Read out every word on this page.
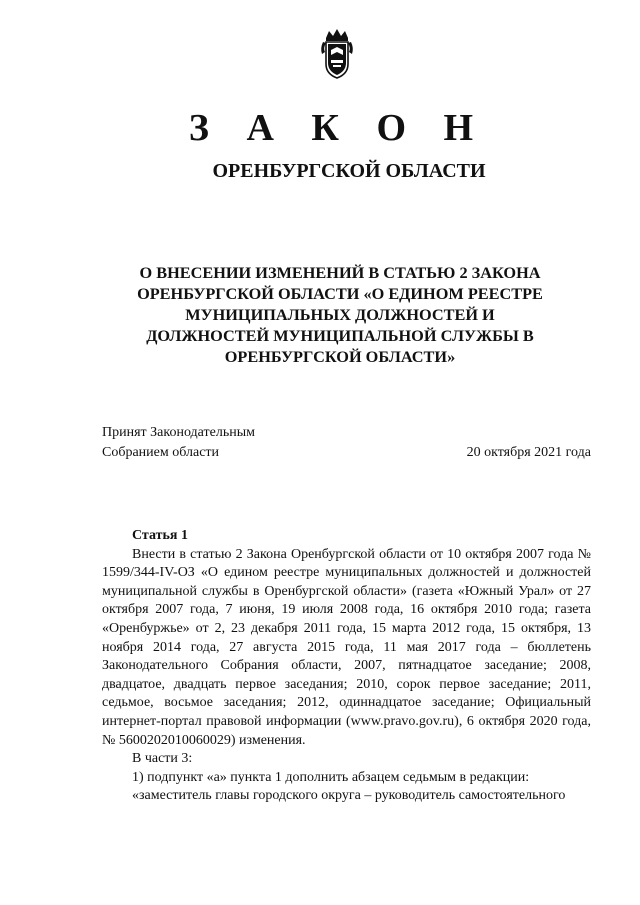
З А К О Н
ОРЕНБУРГСКОЙ ОБЛАСТИ
О ВНЕСЕНИИ ИЗМЕНЕНИЙ В СТАТЬЮ 2 ЗАКОНА ОРЕНБУРГСКОЙ ОБЛАСТИ «О ЕДИНОМ РЕЕСТРЕ МУНИЦИПАЛЬНЫХ ДОЛЖНОСТЕЙ И ДОЛЖНОСТЕЙ МУНИЦИПАЛЬНОЙ СЛУЖБЫ В ОРЕНБУРГСКОЙ ОБЛАСТИ»
Принят Законодательным
Собранием области	20 октября 2021 года
Статья 1

Внести в статью 2 Закона Оренбургской области от 10 октября 2007 года № 1599/344-IV-ОЗ «О едином реестре муниципальных должностей и должностей муниципальной службы в Оренбургской области» (газета «Южный Урал» от 27 октября 2007 года, 7 июня, 19 июля 2008 года, 16 октября 2010 года; газета «Оренбуржье» от 2, 23 декабря 2011 года, 15 марта 2012 года, 15 октября, 13 ноября 2014 года, 27 августа 2015 года, 11 мая 2017 года – бюллетень Законодательного Собрания области, 2007, пятнадцатое заседание; 2008, двадцатое, двадцать первое заседания; 2010, сорок первое заседание; 2011, седьмое, восьмое заседания; 2012, одиннадцатое заседание; Официальный интернет-портал правовой информации (www.pravo.gov.ru), 6 октября 2020 года, № 5600202010060029) изменения.

В части 3:
1) подпункт «а» пункта 1 дополнить абзацем седьмым в редакции:

«заместитель главы городского округа – руководитель самостоятельного
